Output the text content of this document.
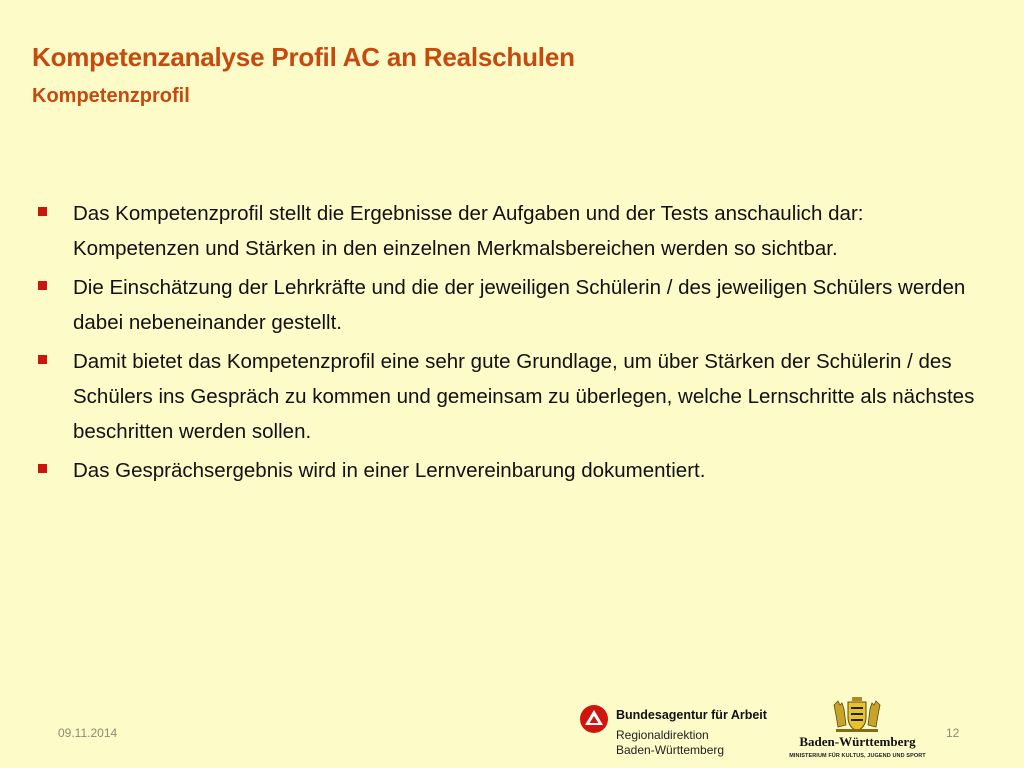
Kompetenzanalyse Profil AC an Realschulen
Kompetenzprofil
Das Kompetenzprofil stellt die Ergebnisse der Aufgaben und der Tests anschaulich dar: Kompetenzen und Stärken in den einzelnen Merkmalsbereichen werden so sichtbar.
Die Einschätzung der Lehrkräfte und die der jeweiligen Schülerin / des jeweiligen Schülers werden dabei nebeneinander gestellt.
Damit bietet das Kompetenzprofil eine sehr gute Grundlage, um über Stärken der Schülerin / des Schülers ins Gespräch zu kommen und gemeinsam zu überlegen, welche Lernschritte als nächstes beschritten werden sollen.
Das Gesprächsergebnis wird in einer Lernvereinbarung dokumentiert.
09.11.2014
Bundesagentur für Arbeit
Regionaldirektion
Baden-Württemberg
Baden-Württemberg
MINISTERIUM FÜR KULTUS, JUGEND UND SPORT
12
